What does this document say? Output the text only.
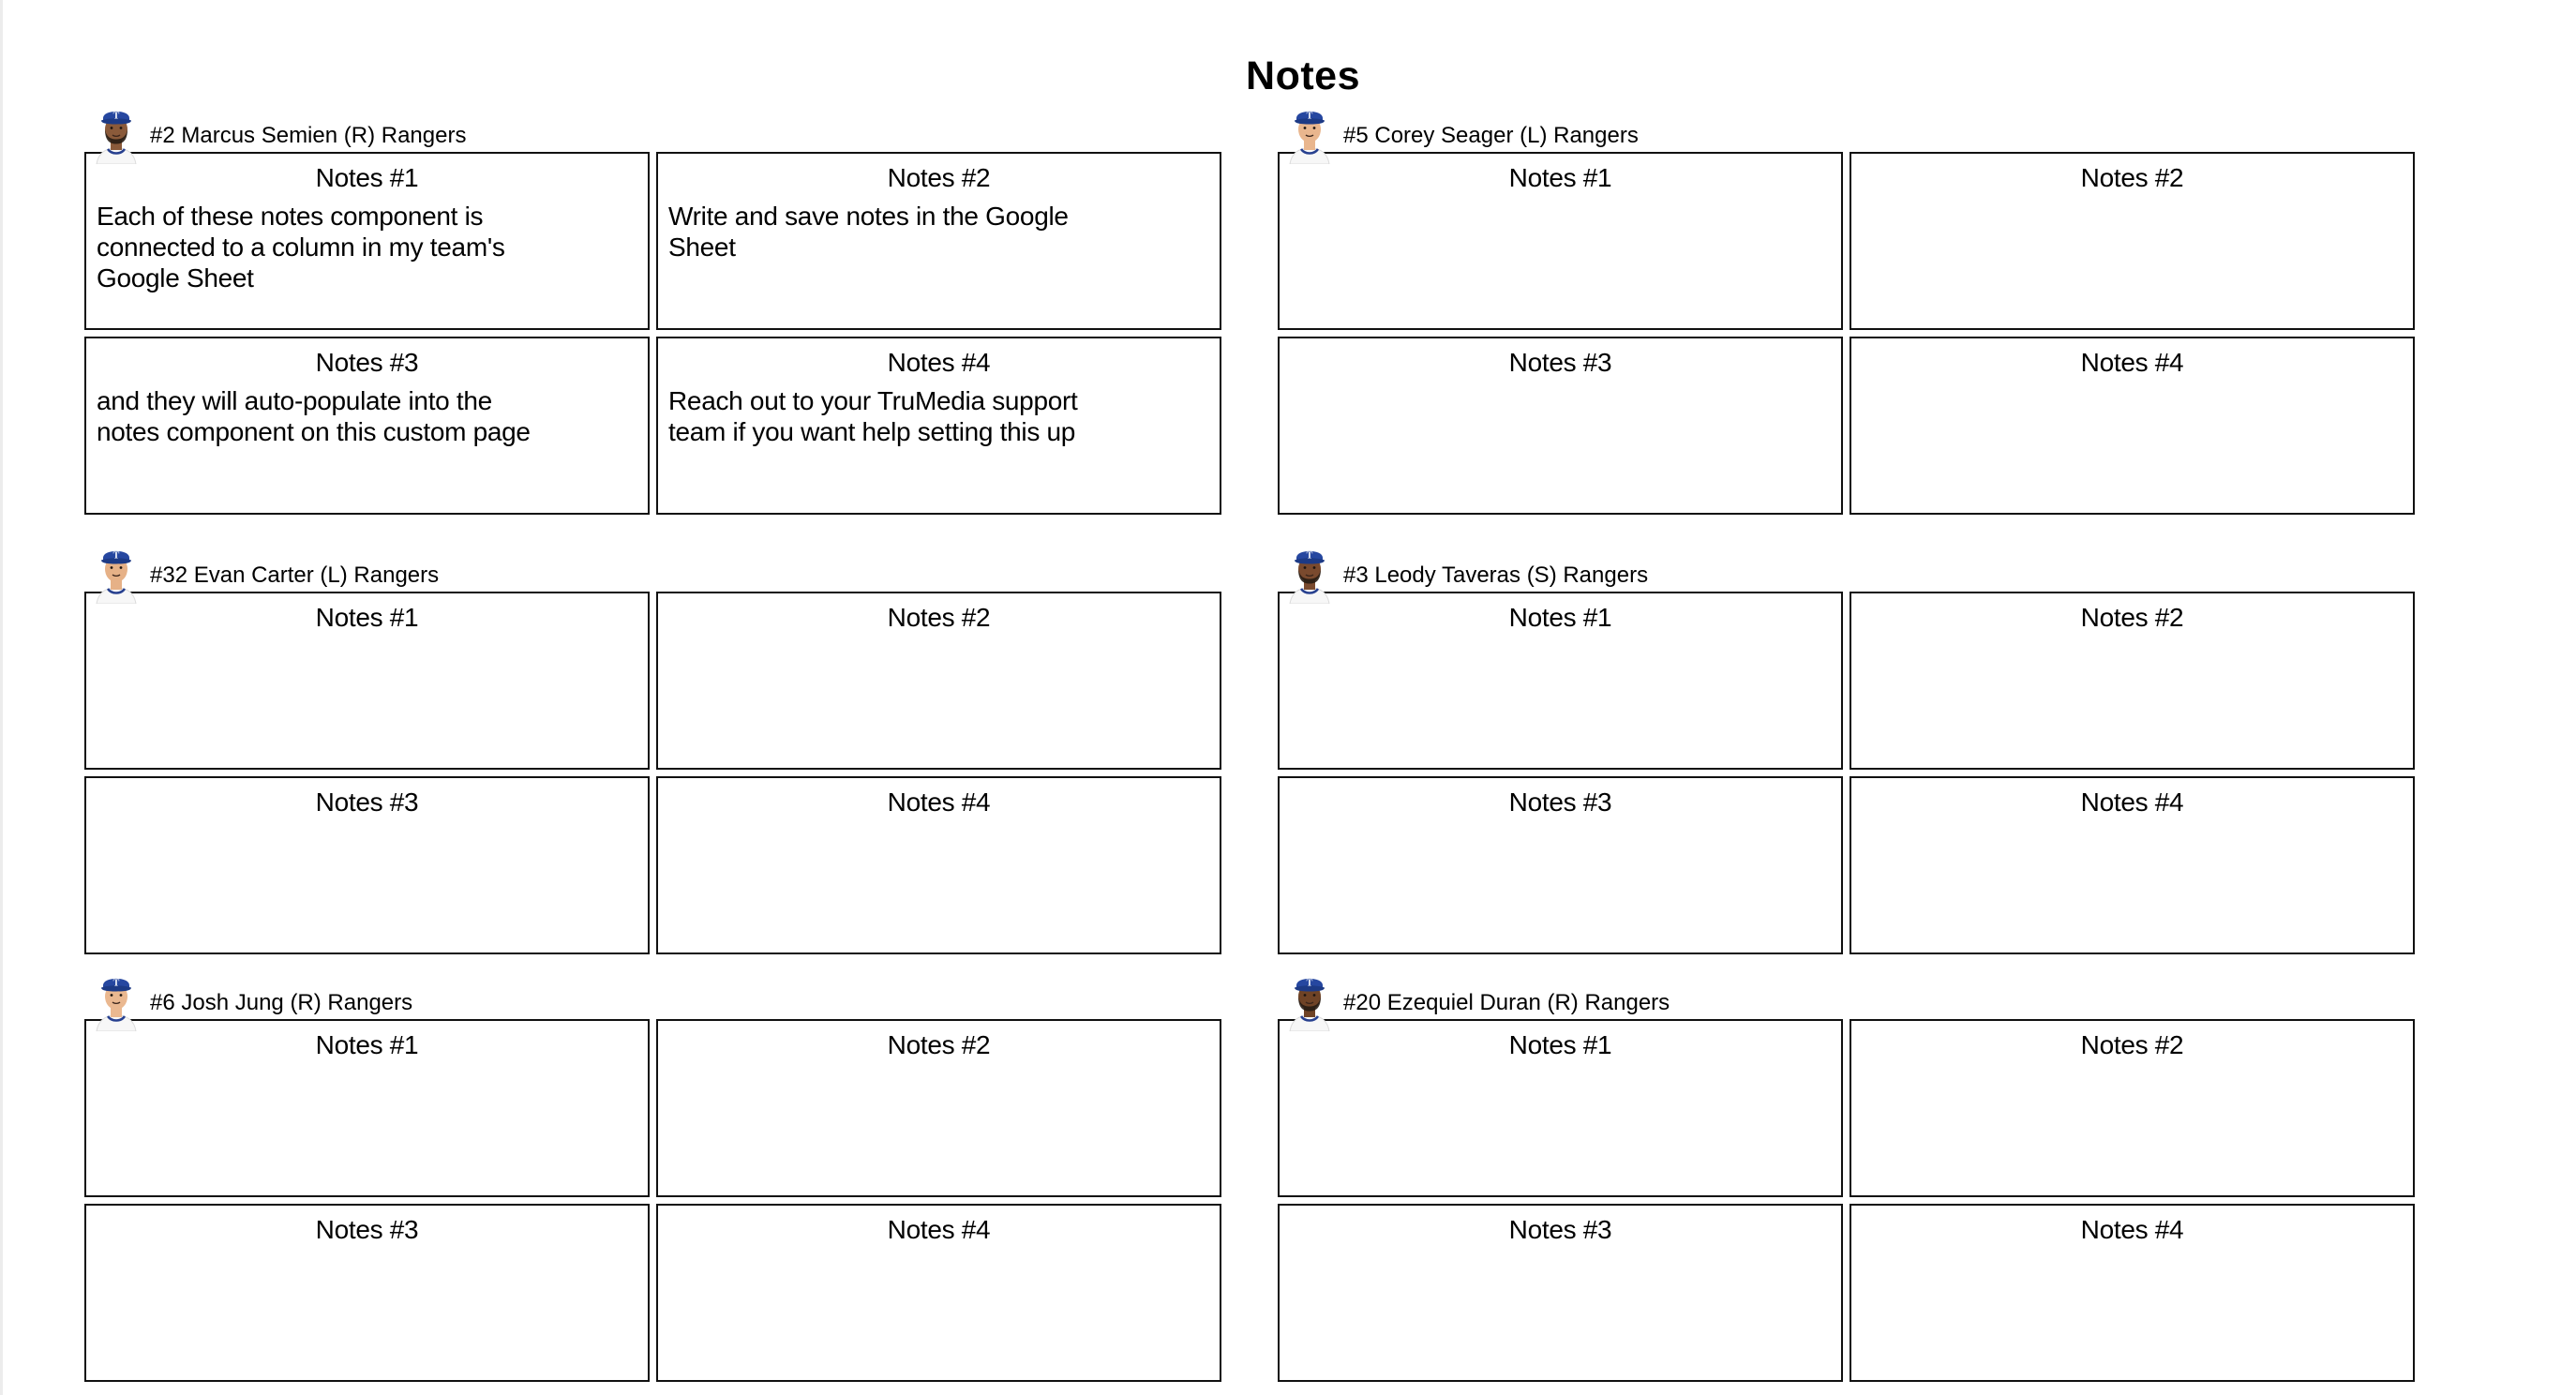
Notes
T
#2 Marcus Semien (R) Rangers
Notes #1
Each of these notes component is connected to a column in my team's Google Sheet
Notes #2
Write and save notes in the Google Sheet
Notes #3
and they will auto-populate into the notes component on this custom page
Notes #4
Reach out to your TruMedia support team if you want help setting this up
T
#5 Corey Seager (L) Rangers
Notes #1	Notes #2
Notes #3	Notes #4
T
#32 Evan Carter (L) Rangers
Notes #1	Notes #2
Notes #3	Notes #4
T
#3 Leody Taveras (S) Rangers
Notes #1	Notes #2
Notes #3	Notes #4
T
#6 Josh Jung (R) Rangers
Notes #1	Notes #2
Notes #3	Notes #4
T
#20 Ezequiel Duran (R) Rangers
Notes #1	Notes #2
Notes #3	Notes #4
